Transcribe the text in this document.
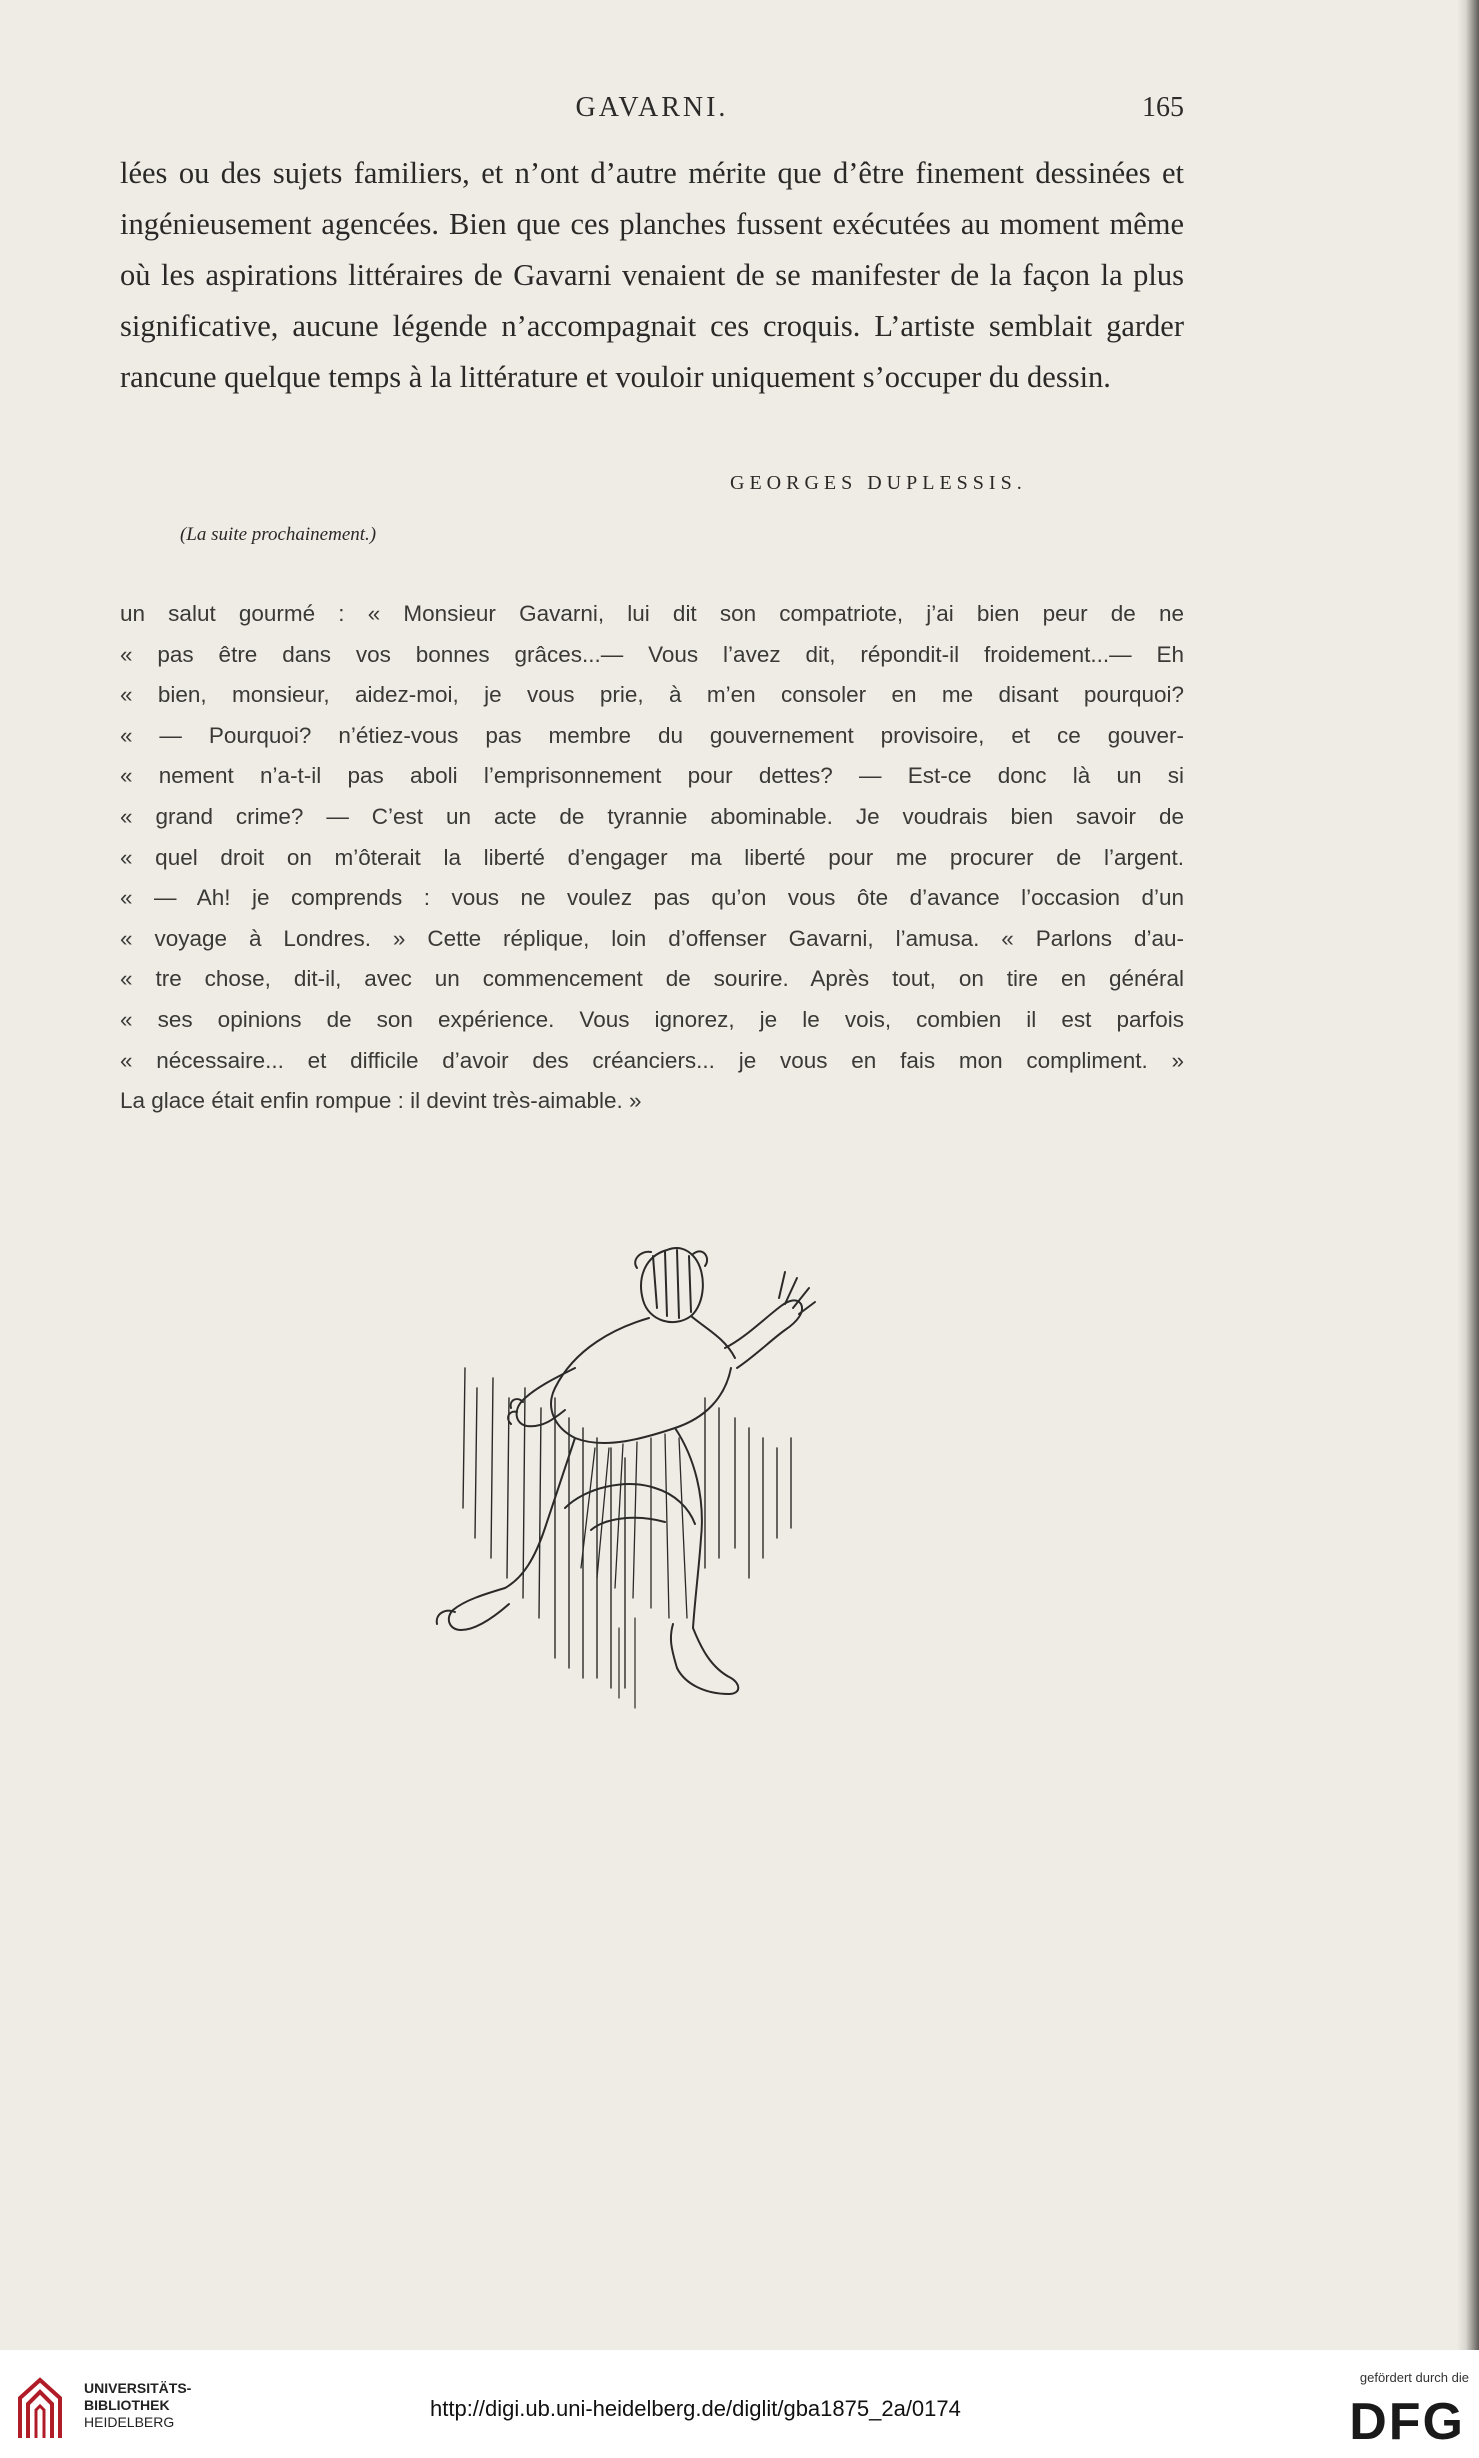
GAVARNI.	165

lées ou des sujets familiers, et n’ont d’autre mérite que d’être finement dessinées et ingénieusement agencées. Bien que ces planches fussent exécutées au moment même où les aspirations littéraires de Gavarni venaient de se manifester de la façon la plus significative, aucune légende n’accompagnait ces croquis. L’artiste semblait garder rancune quelque temps à la littérature et vouloir uniquement s’occuper du dessin.

GEORGES DUPLESSIS.
(La suite prochainement.)
un salut gourmé : « Monsieur Gavarni, lui dit son compatriote, j’ai bien peur de ne
« pas être dans vos bonnes grâces...— Vous l’avez dit, répondit-il froidement...— Eh
« bien, monsieur, aidez-moi, je vous prie, à m’en consoler en me disant pourquoi?
« — Pourquoi? n’étiez-vous pas membre du gouvernement provisoire, et ce gouver-
« nement n’a-t-il pas aboli l’emprisonnement pour dettes? — Est-ce donc là un si
« grand crime? — C’est un acte de tyrannie abominable. Je voudrais bien savoir de
« quel droit on m’ôterait la liberté d’engager ma liberté pour me procurer de l’argent.
« — Ah! je comprends : vous ne voulez pas qu’on vous ôte d’avance l’occasion d’un
« voyage à Londres. » Cette réplique, loin d’offenser Gavarni, l’amusa. « Parlons d’au-
« tre chose, dit-il, avec un commencement de sourire. Après tout, on tire en général
« ses opinions de son expérience. Vous ignorez, je le vois, combien il est parfois
« nécessaire... et difficile d’avoir des créanciers... je vous en fais mon compliment. »
La glace était enfin rompue : il devint très-aimable. »
UNIVERSITÄTS-
BIBLIOTHEK
HEIDELBERG
http://digi.ub.uni-heidelberg.de/diglit/gba1875_2a/0174
gefördert durch die
DFG
